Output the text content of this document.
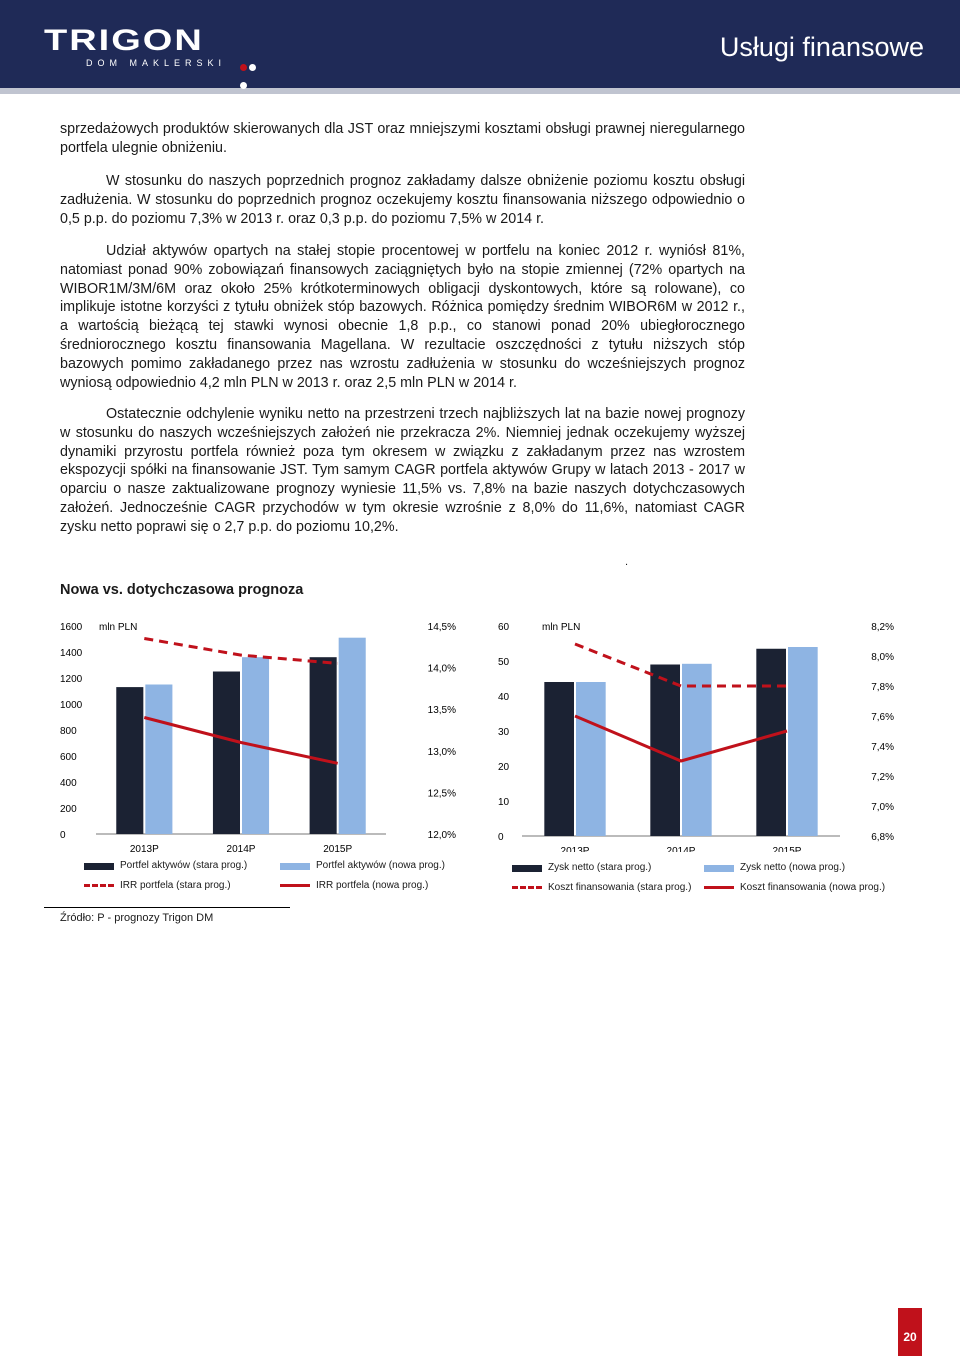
TRIGON
DOM MAKLERSKI
Usługi finansowe

sprzedażowych produktów skierowanych dla JST oraz mniejszymi kosztami obsługi prawnej nieregularnego portfela ulegnie obniżeniu.

W stosunku do naszych poprzednich prognoz zakładamy dalsze obniżenie poziomu kosztu obsługi zadłużenia. W stosunku do poprzednich prognoz oczekujemy kosztu finansowania niższego odpowiednio o 0,5 p.p. do poziomu 7,3% w 2013 r. oraz 0,3 p.p. do poziomu 7,5% w 2014 r.

Udział aktywów opartych na stałej stopie procentowej w portfelu na koniec 2012 r. wyniósł 81%, natomiast ponad 90% zobowiązań finansowych zaciągniętych było na stopie zmiennej (72% opartych na WIBOR1M/3M/6M oraz około 25% krótkoterminowych obligacji dyskontowych, które są rolowane), co implikuje istotne korzyści z tytułu obniżek stóp bazowych. Różnica pomiędzy średnim WIBOR6M w 2012 r., a wartością bieżącą tej stawki wynosi obecnie 1,8 p.p., co stanowi ponad 20% ubiegłorocznego średniorocznego kosztu finansowania Magellana. W rezultacie oszczędności z tytułu niższych stóp bazowych pomimo zakładanego przez nas wzrostu zadłużenia w stosunku do wcześniejszych prognoz wyniosą odpowiednio 4,2 mln PLN w 2013 r. oraz 2,5 mln PLN w 2014 r.

Ostatecznie odchylenie wyniku netto na przestrzeni trzech najbliższych lat na bazie nowej prognozy w stosunku do naszych wcześniejszych założeń nie przekracza 2%. Niemniej jednak oczekujemy wyższej dynamiki przyrostu portfela również poza tym okresem w związku z zakładanym przez nas wzrostem ekspozycji spółki na finansowanie JST. Tym samym CAGR portfela aktywów Grupy w latach 2013 - 2017 w oparciu o nasze zaktualizowane prognozy wyniesie 11,5% vs. 7,8% na bazie naszych dotychczasowych założeń. Jednocześnie CAGR przychodów w tym okresie wzrośnie z 8,0% do 11,6%, natomiast CAGR zysku netto poprawi się o 2,7 p.p. do poziomu 10,2%.

.
Nowa vs. dotychczasowa prognoza
0
200
400
600
800
1000
1200
1400
1600
12,0%
12,5%
13,0%
13,5%
14,0%
14,5%
mln PLN
2013P	2014P	2015P
Portfel aktywów (stara prog.)	Portfel aktywów (nowa prog.)
IRR portfela (stara prog.)	IRR portfela (nowa prog.)
0
10
20
30
40
50
60
6,8%
7,0%
7,2%
7,4%
7,6%
7,8%
8,0%
8,2%
mln PLN
2013P	2014P	2015P
Zysk netto (stara prog.)	Zysk netto (nowa prog.)
Koszt finansowania (stara prog.)	Koszt finansowania (nowa prog.)
Źródło: P - prognozy Trigon DM
20
